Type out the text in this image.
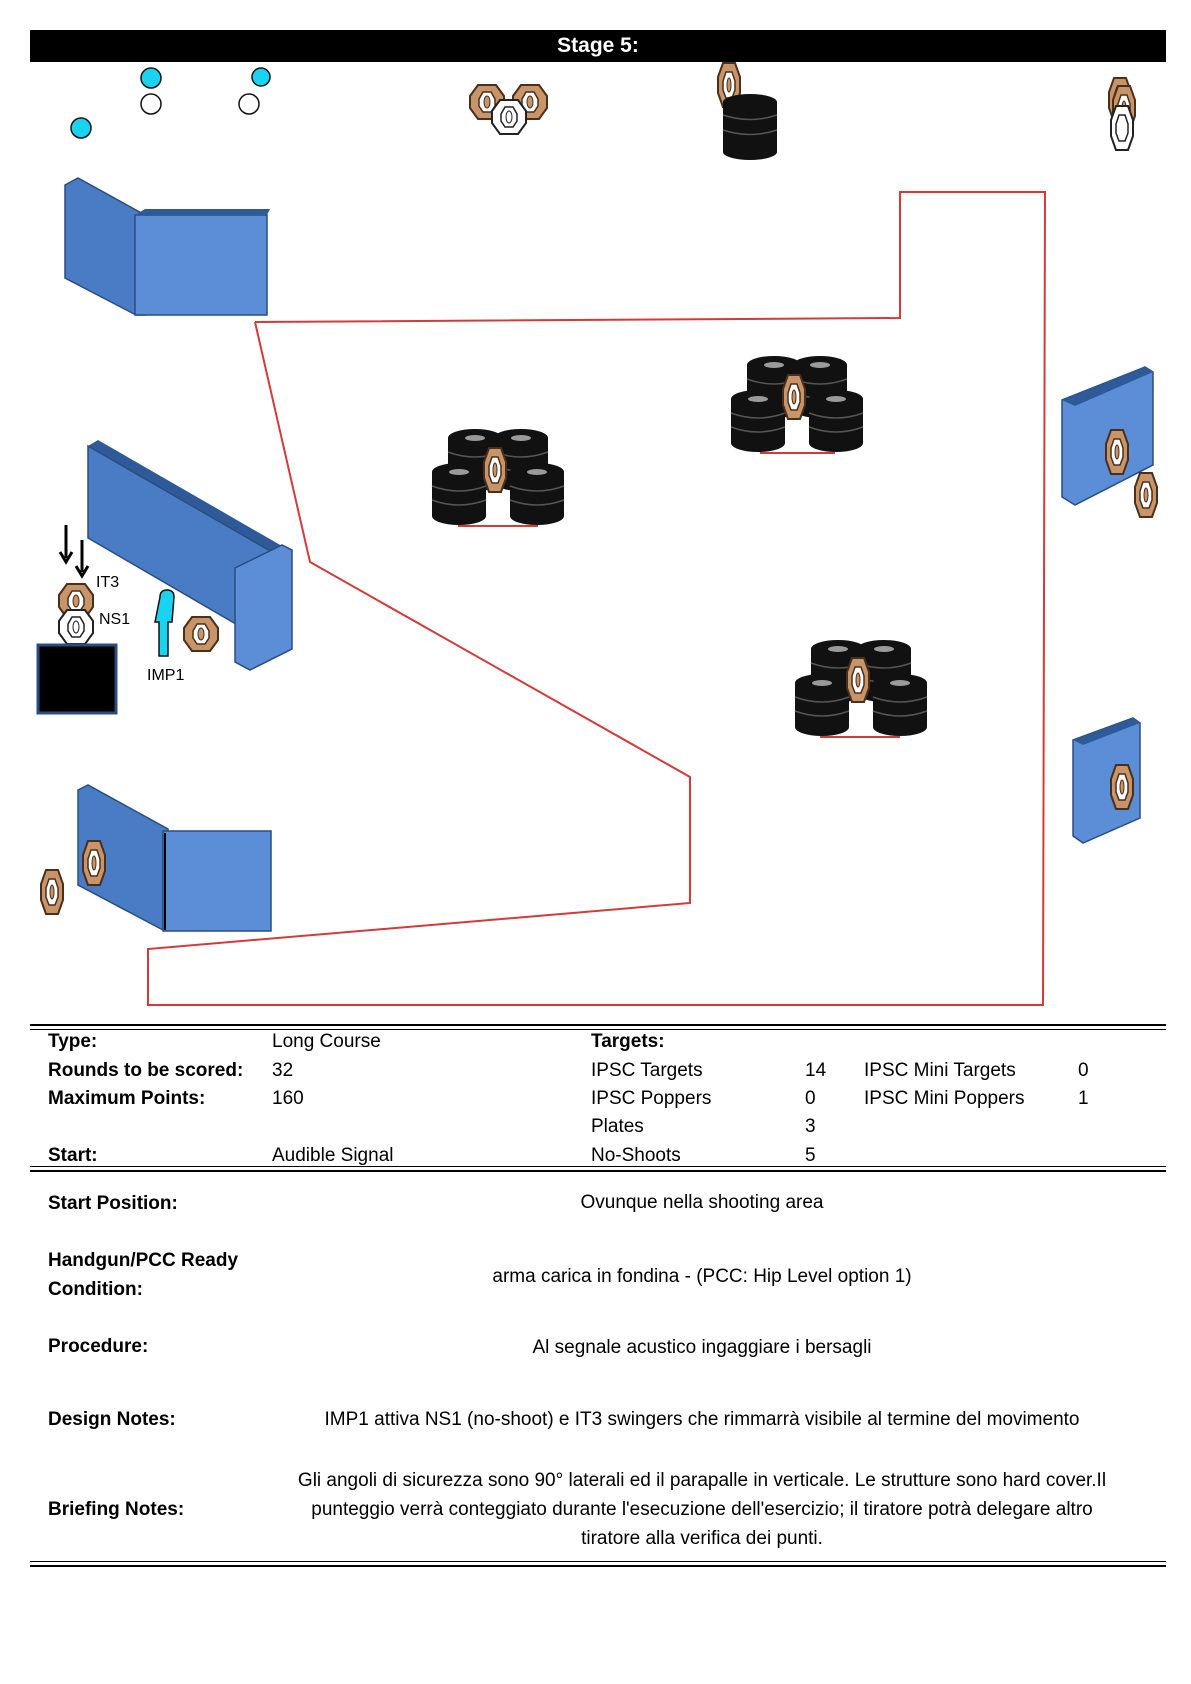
Stage 5:
IT3
NS1
IMP1
Type:	Long Course
Rounds to be scored: 32
Maximum Points:	160
Start:	Audible Signal
Targets:
IPSC Targets	14
IPSC Poppers	0
Plates	3
No-Shoots	5
IPSC Mini Targets	0
IPSC Mini Poppers	1
Start Position:	Ovunque nella shooting area
Handgun/PCC Ready
Condition:
arma carica in fondina - (PCC: Hip Level option 1)
Procedure:	Al segnale acustico ingaggiare i bersagli
Design Notes:	IMP1 attiva NS1 (no-shoot) e IT3 swingers che rimmarrà visibile al termine del movimento
Briefing Notes:
Gli angoli di sicurezza sono 90° laterali ed il parapalle in verticale. Le strutture sono hard cover.Il
punteggio verrà conteggiato durante l'esecuzione dell'esercizio; il tiratore potrà delegare altro
tiratore alla verifica dei punti.
